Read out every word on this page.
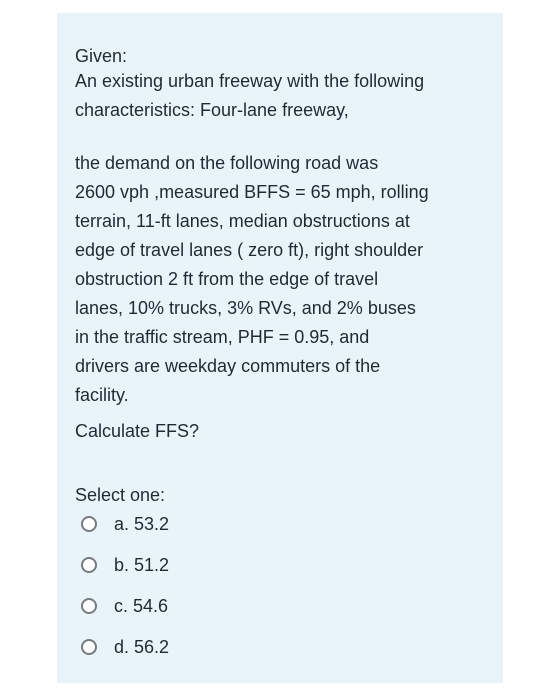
Given:

An existing urban freeway with the following
characteristics: Four-lane freeway,

the demand on the following road was
2600 vph ,measured BFFS = 65 mph, rolling
terrain, 11-ft lanes, median obstructions at
edge of travel lanes ( zero ft), right shoulder
obstruction 2 ft from the edge of travel
lanes, 10% trucks, 3% RVs, and 2% buses
in the traffic stream, PHF = 0.95, and
drivers are weekday commuters of the
facility.

Calculate FFS?

Select one:

a. 53.2
b. 51.2
c. 54.6
d. 56.2
